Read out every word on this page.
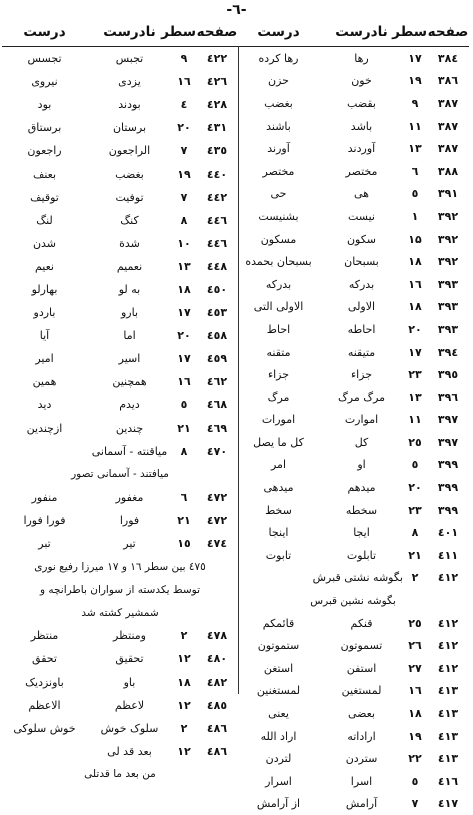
-٦-
صفحه
سطر
نادرست
درست
۳۸٤
۱۷
رها
رها کرده
۳۸٦
۱۹
خون
حزن
۳۸۷
۹
بقضب
بغضب
۳۸۷
۱۱
باشد
باشند
۳۸۷
۱۳
آوردند
آورند
۳۸۸
٦
مختصر
مختصر
۳۹۱
٥
هی
حی
۳۹۲
۱
نیست
بشنیست
۳۹۲
۱۵
سکون
مسکون
۳۹۲
۱۸
بسبحان
بسبحان بحمده
۳۹۳
۱٦
بدرکه
بدرکه
۳۹۳
۱۸
الاولی
الاولی التی
۳۹۳
۲۰
احاطه
احاط
۳۹٤
۱۷
متیقنه
متقنه
۳۹٥
۲۳
جزاء
جزاء
۳۹٦
۱۳
مرگ مرگ
مرگ
۳۹۷
۱۱
اموارت
امورات
۳۹۷
۲٥
کل
کل ما یصل
۳۹۹
٥
او
امر
۳۹۹
۲۰
میدهم
میدهی
۳۹۹
۲۳
سخطه
سخط
٤۰۱
۸
ایجا
اینجا
٤۱۱
۲۱
تابلوت
تابوت
٤۱۲
۲
بگوشه نشتی قبرش
بگوشه نشین قبرس
٤۱۲
۲٥
قنکم
قائمکم
٤۱۲
۲٦
تسموتون
ستموتون
٤۱۲
۲۷
استفن
استغن
٤۱۳
۱٦
لمستغین
لمستغنین
٤۱۳
۱۸
بعضی
یعنی
٤۱۳
۱۹
اراداته
اراد الله
٤۱۳
۲۲
ستردن
لتردن
٤۱٦
٥
اسرا
اسرار
٤۱۷
۷
آرامش
از آرامش
صفحه
سطر
نادرست
درست
٤۲۲
۹
تجبس
تجسس
٤۲٦
۱٦
یزدی
نیروی
٤۲۸
٤
بودند
بود
٤۳۱
۲۰
برستان
برستاق
٤۳٥
۷
الراجعون
راجعون
٤٤۰
۱۹
بغضب
بعنف
٤٤۲
۷
توفیت
توقیف
٤٤٦
۸
کنگ
لنگ
٤٤٦
۱۰
شدة
شدن
٤٤۸
۱۳
نعمیم
نعیم
٤٥۰
۱۸
به لو
بهارلو
٤٥۳
۱۷
بارو
باردو
٤٥۸
۲۰
اما
آیا
٤٥۹
۱۷
اسیر
امیر
٤٦۲
۱٦
همچنین
همین
٤٦۸
٥
دیدم
دید
٤٦۹
۲۱
چندین
ازچندین
٤۷۰
۸
میاقنته - آسمانی
میافتند - آسمانی تصور
٤۷۲
٦
مغفور
منفور
٤۷۲
۲۱
فورا
فورا فورا
٤۷٤
۱٥
تیر
تبر
٤۷٥ بین سطر ۱٦ و ۱۷ میرزا رفیع نوری
توسط یکدسته از سواران باطرانچه و
شمشیر کشته شد
٤۷۸
۲
ومنتظر
منتظر
٤۸۰
۱۲
تحقیق
تحقق
٤۸۲
۱۸
باو
باونزدیک
٤۸٥
۱۲
لاعظم
الاعظم
٤۸٦
۲
سلوک خوش
خوش سلوکی
٤۸٦
۱۲
بعد قد لی
من بعد ما قدتلی
